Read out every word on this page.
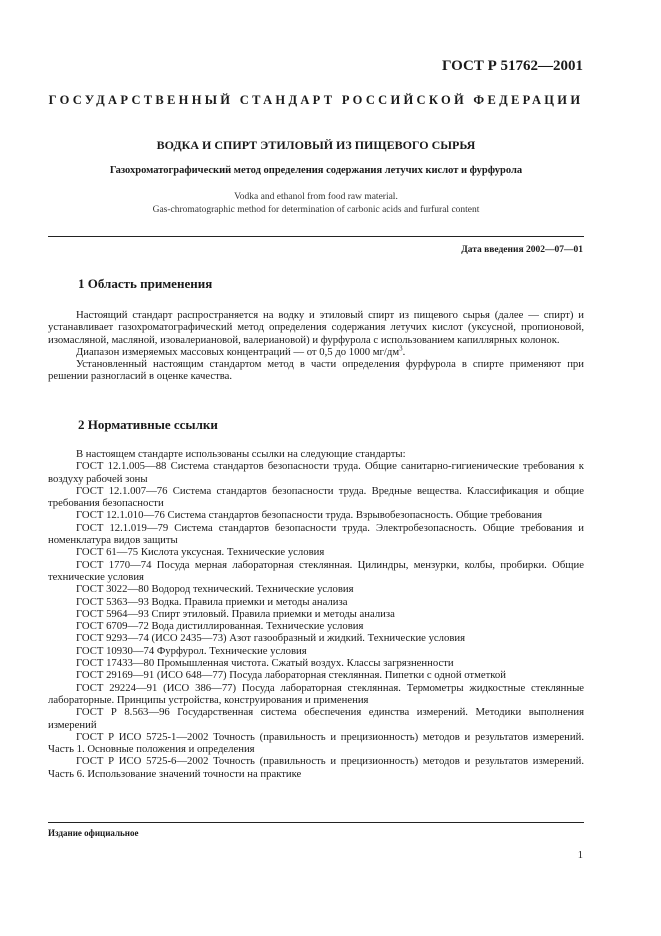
ГОСТ Р 51762—2001
ГОСУДАРСТВЕННЫЙ СТАНДАРТ РОССИЙСКОЙ ФЕДЕРАЦИИ
ВОДКА И СПИРТ ЭТИЛОВЫЙ ИЗ ПИЩЕВОГО СЫРЬЯ
Газохроматографический метод определения содержания летучих кислот и фурфурола
Vodka and ethanol from food raw material.
Gas-chromatographic method for determination of carbonic acids and furfural content
Дата введения 2002—07—01
1 Область применения

Настоящий стандарт распространяется на водку и этиловый спирт из пищевого сырья (далее — спирт) и устанавливает газохроматографический метод определения содержания летучих кислот (уксусной, пропионовой, изомасляной, масляной, изовалериановой, валериановой) и фурфурола с использованием капиллярных колонок.

Диапазон измеряемых массовых концентраций — от 0,5 до 1000 $мг/дм^3$.

Установленный настоящим стандартом метод в части определения фурфурола в спирте применяют при решении разногласий в оценке качества.

2 Нормативные ссылки

В настоящем стандарте использованы ссылки на следующие стандарты:

ГОСТ 12.1.005—88 Система стандартов безопасности труда. Общие санитарно-гигиенические требования к воздуху рабочей зоны

ГОСТ 12.1.007—76 Система стандартов безопасности труда. Вредные вещества. Классификация и общие требования безопасности

ГОСТ 12.1.010—76 Система стандартов безопасности труда. Взрывобезопасность. Общие требования

ГОСТ 12.1.019—79 Система стандартов безопасности труда. Электробезопасность. Общие требования и номенклатура видов защиты

ГОСТ 61—75 Кислота уксусная. Технические условия

ГОСТ 1770—74 Посуда мерная лабораторная стеклянная. Цилиндры, мензурки, колбы, пробирки. Общие технические условия

ГОСТ 3022—80 Водород технический. Технические условия

ГОСТ 5363—93 Водка. Правила приемки и методы анализа

ГОСТ 5964—93 Спирт этиловый. Правила приемки и методы анализа

ГОСТ 6709—72 Вода дистиллированная. Технические условия

ГОСТ 9293—74 (ИСО 2435—73) Азот газообразный и жидкий. Технические условия

ГОСТ 10930—74 Фурфурол. Технические условия

ГОСТ 17433—80 Промышленная чистота. Сжатый воздух. Классы загрязненности

ГОСТ 29169—91 (ИСО 648—77) Посуда лабораторная стеклянная. Пипетки с одной отметкой

ГОСТ 29224—91 (ИСО 386—77) Посуда лабораторная стеклянная. Термометры жидкостные стеклянные лабораторные. Принципы устройства, конструирования и применения

ГОСТ Р 8.563—96 Государственная система обеспечения единства измерений. Методики выполнения измерений

ГОСТ Р ИСО 5725-1—2002 Точность (правильность и прецизионность) методов и результатов измерений. Часть 1. Основные положения и определения

ГОСТ Р ИСО 5725-6—2002 Точность (правильность и прецизионность) методов и результатов измерений. Часть 6. Использование значений точности на практике

Издание официальное
1
